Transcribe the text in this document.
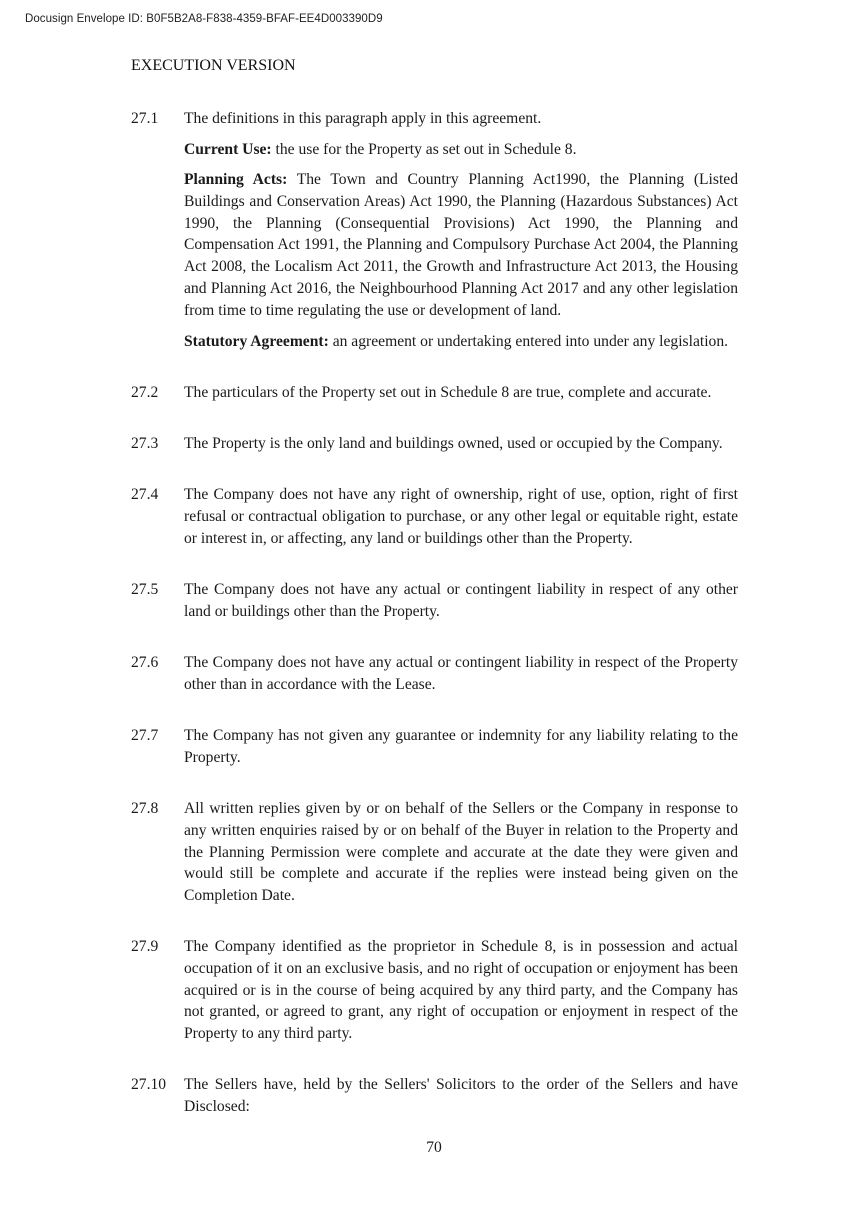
Docusign Envelope ID: B0F5B2A8-F838-4359-BFAF-EE4D003390D9
EXECUTION VERSION
27.1	The definitions in this paragraph apply in this agreement.
Current Use: the use for the Property as set out in Schedule 8.
Planning Acts: The Town and Country Planning Act1990, the Planning (Listed Buildings and Conservation Areas) Act 1990, the Planning (Hazardous Substances) Act 1990, the Planning (Consequential Provisions) Act 1990, the Planning and Compensation Act 1991, the Planning and Compulsory Purchase Act 2004, the Planning Act 2008, the Localism Act 2011, the Growth and Infrastructure Act 2013, the Housing and Planning Act 2016, the Neighbourhood Planning Act 2017 and any other legislation from time to time regulating the use or development of land.
Statutory Agreement: an agreement or undertaking entered into under any legislation.
27.2	The particulars of the Property set out in Schedule 8 are true, complete and accurate.
27.3	The Property is the only land and buildings owned, used or occupied by the Company.
27.4	The Company does not have any right of ownership, right of use, option, right of first refusal or contractual obligation to purchase, or any other legal or equitable right, estate or interest in, or affecting, any land or buildings other than the Property.
27.5	The Company does not have any actual or contingent liability in respect of any other land or buildings other than the Property.
27.6	The Company does not have any actual or contingent liability in respect of the Property other than in accordance with the Lease.
27.7	The Company has not given any guarantee or indemnity for any liability relating to the Property.
27.8	All written replies given by or on behalf of the Sellers or the Company in response to any written enquiries raised by or on behalf of the Buyer in relation to the Property and the Planning Permission were complete and accurate at the date they were given and would still be complete and accurate if the replies were instead being given on the Completion Date.
27.9	The Company identified as the proprietor in Schedule 8, is in possession and actual occupation of it on an exclusive basis, and no right of occupation or enjoyment has been acquired or is in the course of being acquired by any third party, and the Company has not granted, or agreed to grant, any right of occupation or enjoyment in respect of the Property to any third party.
27.10	The Sellers have, held by the Sellers' Solicitors to the order of the Sellers and have Disclosed:
70
